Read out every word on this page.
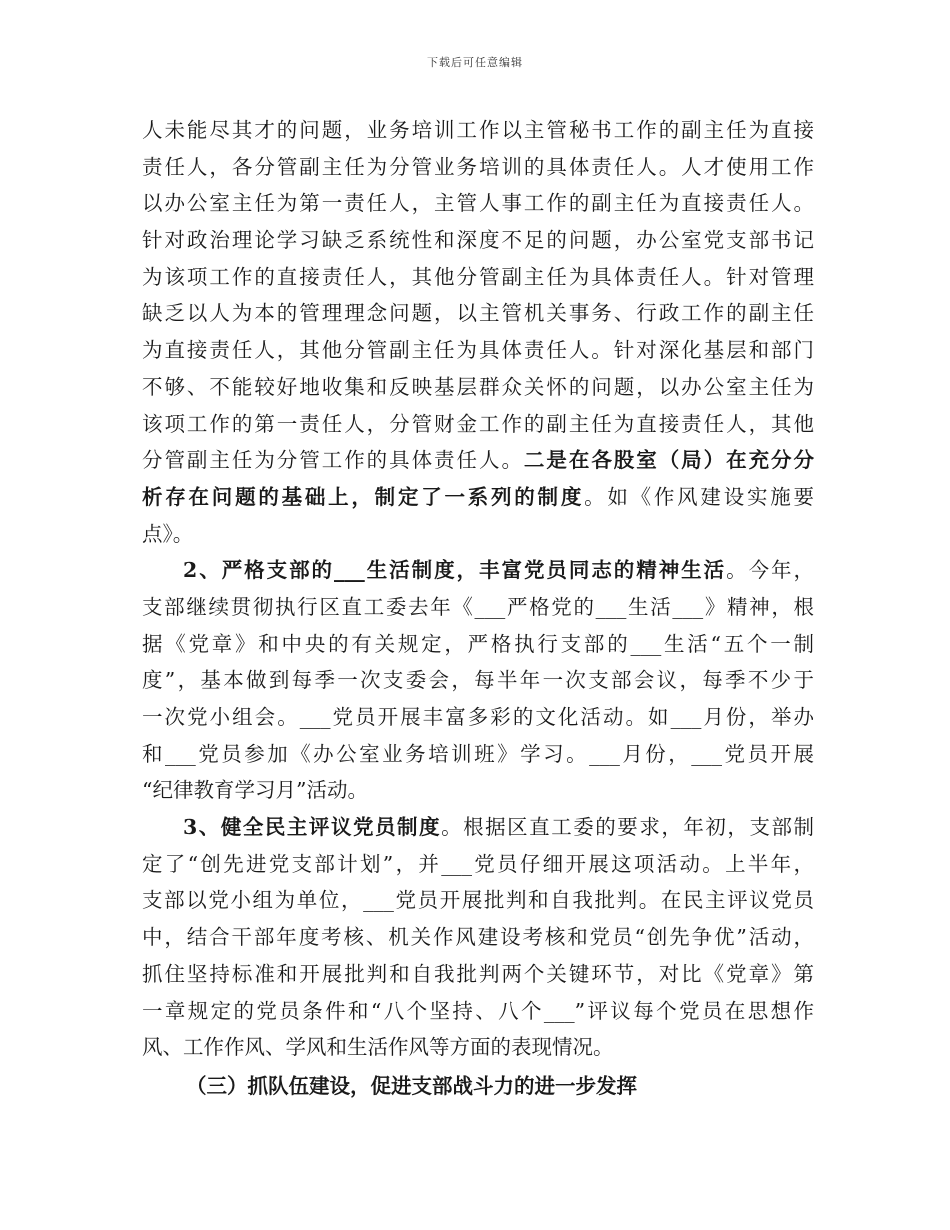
下载后可任意编辑
人未能尽其才的问题，业务培训工作以主管秘书工作的副主任为直接
责任人，各分管副主任为分管业务培训的具体责任人。人才使用工作
以办公室主任为第一责任人，主管人事工作的副主任为直接责任人。
针对政治理论学习缺乏系统性和深度不足的问题，办公室党支部书记
为该项工作的直接责任人，其他分管副主任为具体责任人。针对管理
缺乏以人为本的管理理念问题，以主管机关事务、行政工作的副主任
为直接责任人，其他分管副主任为具体责任人。针对深化基层和部门
不够、不能较好地收集和反映基层群众关怀的问题，以办公室主任为
该项工作的第一责任人，分管财金工作的副主任为直接责任人，其他
分管副主任为分管工作的具体责任人。二是在各股室（局）在充分分
析存在问题的基础上，制定了一系列的制度。如《作风建设实施要
点》。
2、严格支部的___生活制度，丰富党员同志的精神生活。今年，
支部继续贯彻执行区直工委去年《___严格党的___生活___》精神，根
据《党章》和中央的有关规定，严格执行支部的___生活“五个一制
度”，基本做到每季一次支委会，每半年一次支部会议，每季不少于
一次党小组会。___党员开展丰富多彩的文化活动。如___月份，举办
和___党员参加《办公室业务培训班》学习。___月份，___党员开展
“纪律教育学习月”活动。
3、健全民主评议党员制度。根据区直工委的要求，年初，支部制
定了“创先进党支部计划”，并___党员仔细开展这项活动。上半年，
支部以党小组为单位，___党员开展批判和自我批判。在民主评议党员
中，结合干部年度考核、机关作风建设考核和党员“创先争优”活动，
抓住坚持标准和开展批判和自我批判两个关键环节，对比《党章》第
一章规定的党员条件和“八个坚持、八个___”评议每个党员在思想作
风、工作作风、学风和生活作风等方面的表现情况。
（三）抓队伍建设，促进支部战斗力的进一步发挥
